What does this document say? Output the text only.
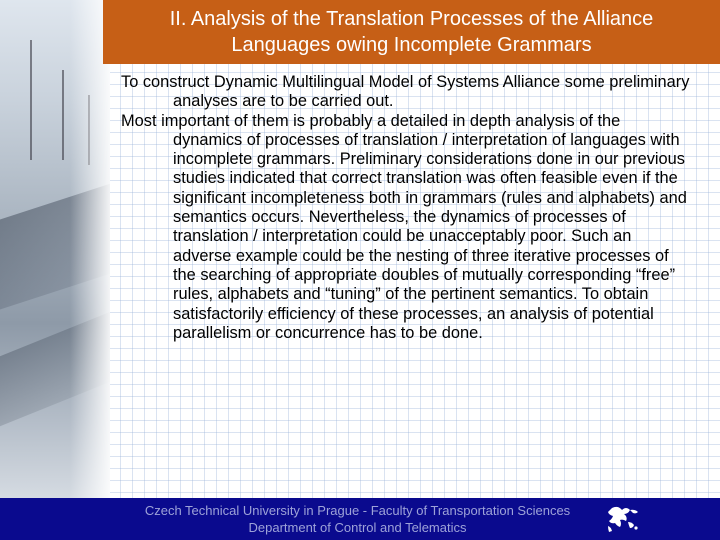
II. Analysis of the Translation Processes of the Alliance
Languages owing Incomplete Grammars

To construct Dynamic Multilingual Model of Systems Alliance some preliminary analyses are to be carried out.

Most important of them is probably a detailed in depth analysis of the dynamics of processes of translation / interpretation of languages with incomplete grammars. Preliminary considerations done in our previous studies indicated that correct translation was often feasible even if the significant incompleteness both in grammars (rules and alphabets) and semantics occurs. Nevertheless, the dynamics of processes of translation / interpretation could be unacceptably poor. Such an adverse example could be the nesting of three iterative processes of the searching of appropriate doubles of mutually corresponding “free” rules, alphabets and “tuning” of the pertinent semantics. To obtain satisfactorily efficiency of these processes, an analysis of potential parallelism or concurrence has to be done.

Czech Technical University in Prague - Faculty of Transportation Sciences
Department of Control and Telematics
